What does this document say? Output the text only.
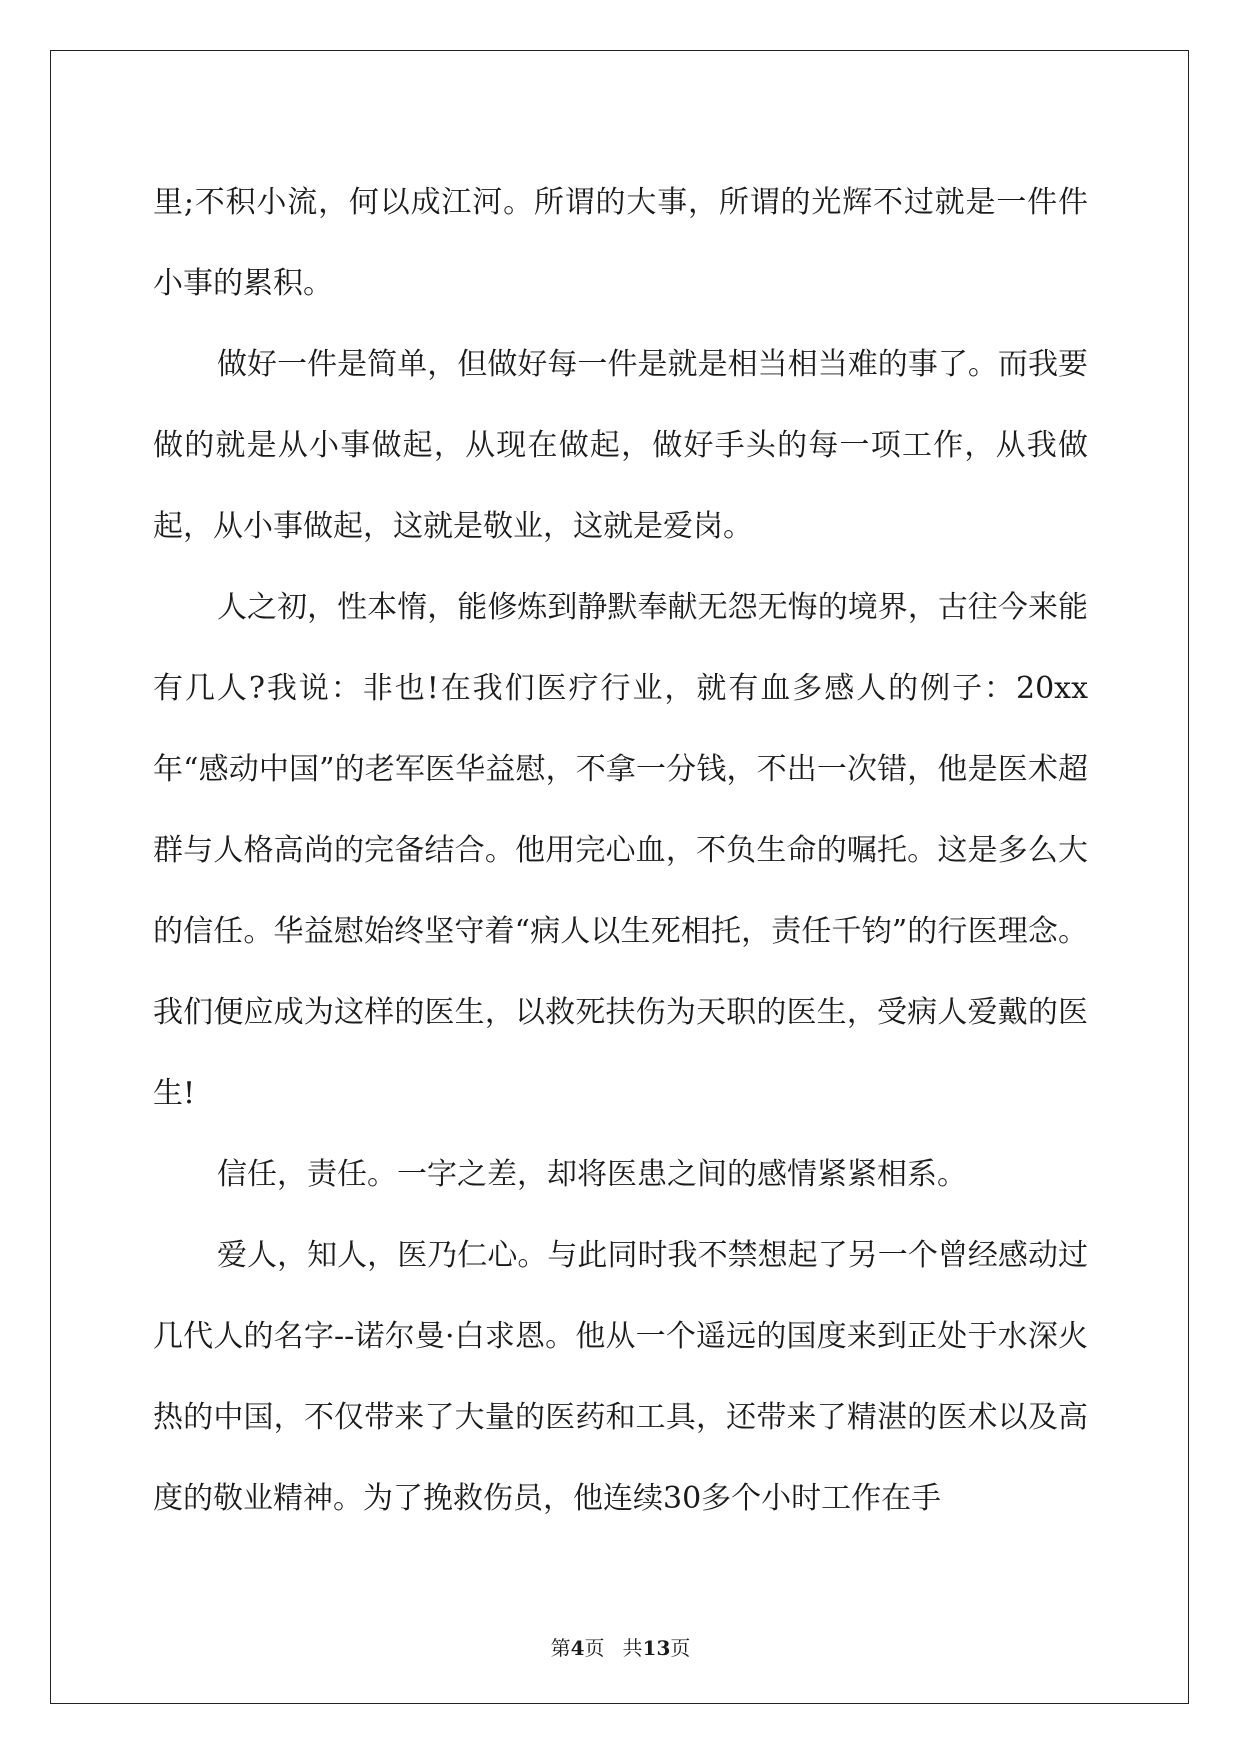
里;不积小流，何以成江河。所谓的大事，所谓的光辉不过就是一件件小事的累积。

做好一件是简单，但做好每一件是就是相当相当难的事了。而我要做的就是从小事做起，从现在做起，做好手头的每一项工作，从我做起，从小事做起，这就是敬业，这就是爱岗。

人之初，性本惰，能修炼到静默奉献无怨无悔的境界，古往今来能有几人?我说：非也!在我们医疗行业，就有血多感人的例子：20xx年“感动中国”的老军医华益慰，不拿一分钱，不出一次错，他是医术超群与人格高尚的完备结合。他用完心血，不负生命的嘱托。这是多么大的信任。华益慰始终坚守着“病人以生死相托，责任千钧”的行医理念。我们便应成为这样的医生，以救死扶伤为天职的医生，受病人爱戴的医生!

信任，责任。一字之差，却将医患之间的感情紧紧相系。

爱人，知人，医乃仁心。与此同时我不禁想起了另一个曾经感动过几代人的名字--诺尔曼·白求恩。他从一个遥远的国度来到正处于水深火热的中国，不仅带来了大量的医药和工具，还带来了精湛的医术以及高度的敬业精神。为了挽救伤员，他连续30多个小时工作在手

第4页 共13页
